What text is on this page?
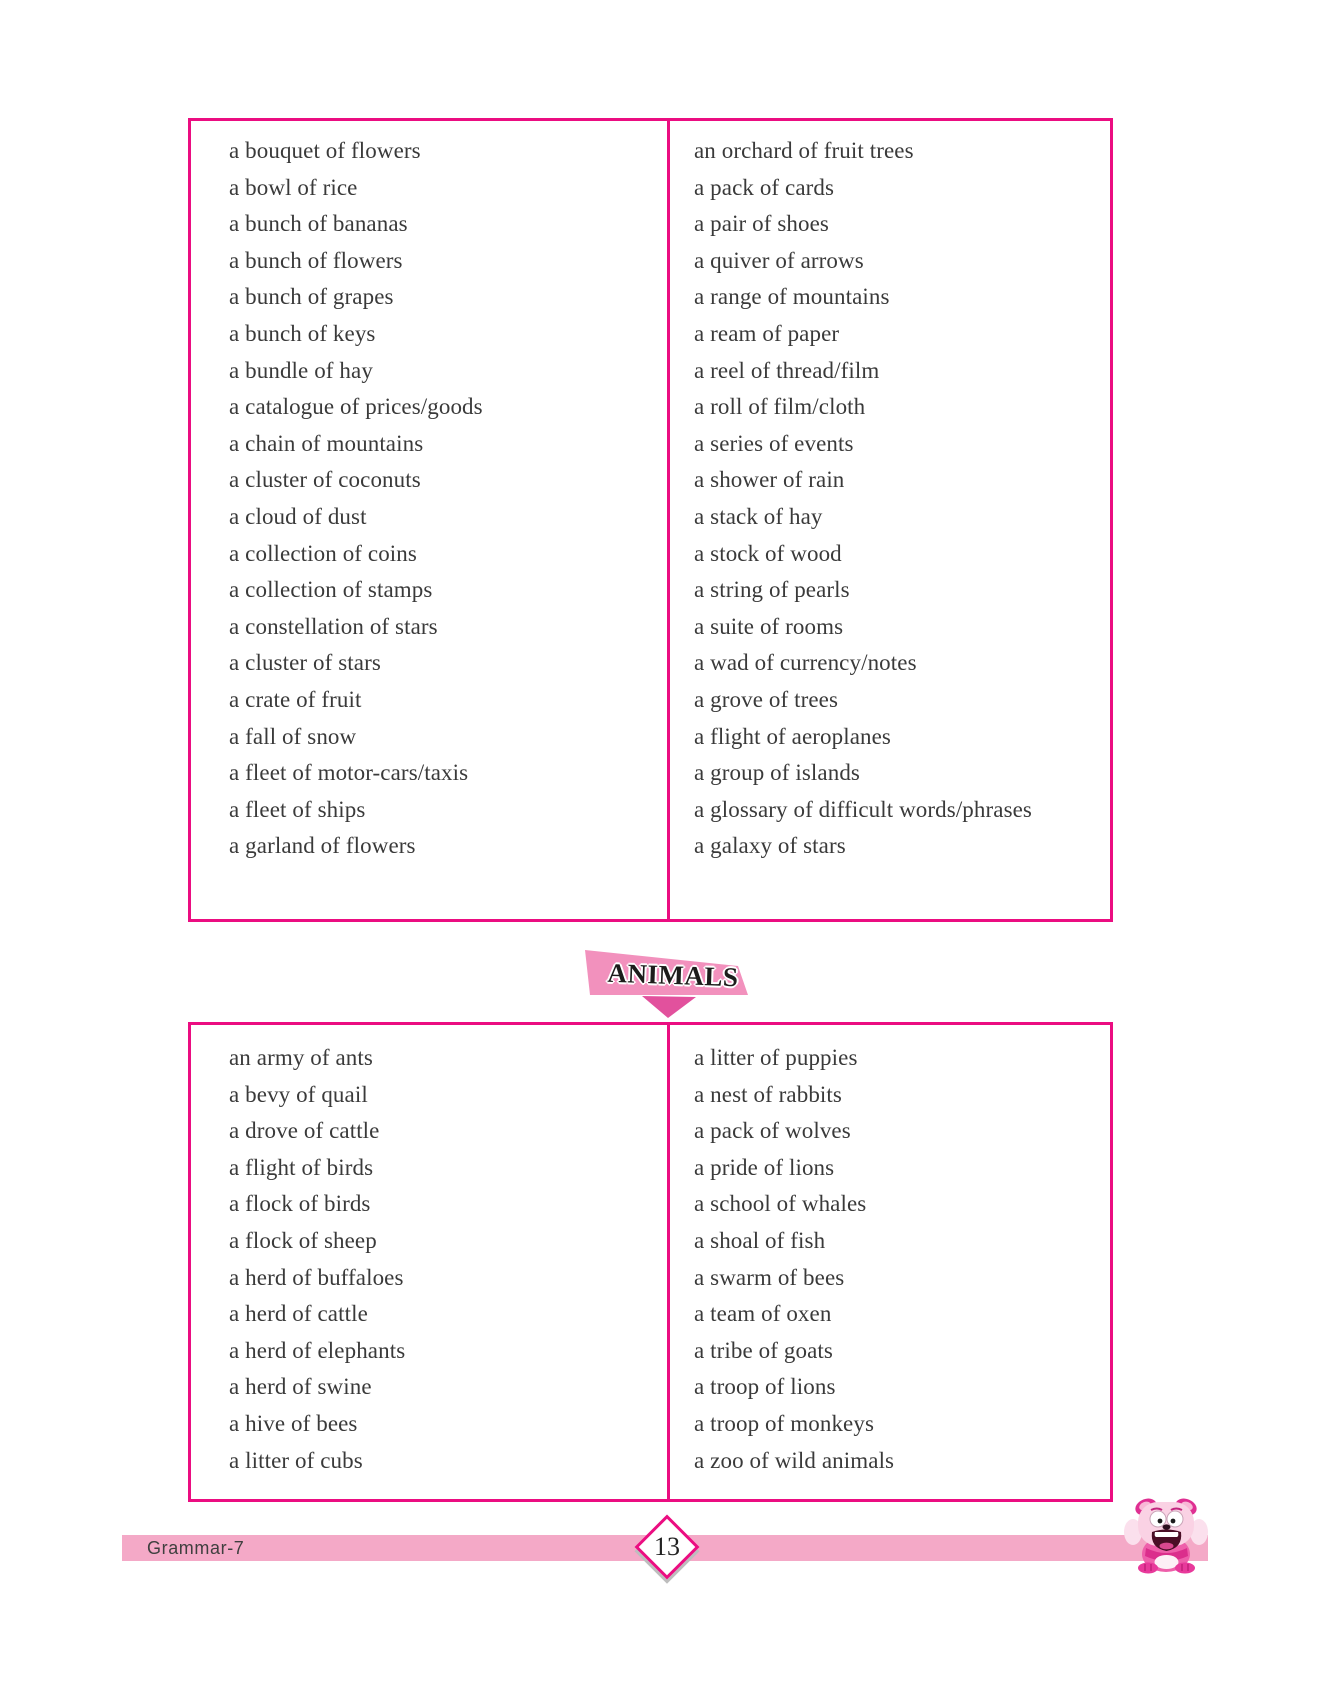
a bouquet of flowers
a bowl of rice
a bunch of bananas
a bunch of flowers
a bunch of grapes
a bunch of keys
a bundle of hay
a catalogue of prices/goods
a chain of mountains
a cluster of coconuts
a cloud of dust
a collection of coins
a collection of stamps
a constellation of stars
a cluster of stars
a crate of fruit
a fall of snow
a fleet of motor-cars/taxis
a fleet of ships
a garland of flowers
an orchard of fruit trees
a pack of cards
a pair of shoes
a quiver of arrows
a range of mountains
a ream of paper
a reel of thread/film
a roll of film/cloth
a series of events
a shower of rain
a stack of hay
a stock of wood
a string of pearls
a suite of rooms
a wad of currency/notes
a grove of trees
a flight of aeroplanes
a group of islands
a glossary of difficult words/phrases
a galaxy of stars
ANIMALS
an army of ants
a bevy of quail
a drove of cattle
a flight of birds
a flock of birds
a flock of sheep
a herd of buffaloes
a herd of cattle
a herd of elephants
a herd of swine
a hive of bees
a litter of cubs
a litter of puppies
a nest of rabbits
a pack of wolves
a pride of lions
a school of whales
a shoal of fish
a swarm of bees
a team of oxen
a tribe of goats
a troop of lions
a troop of monkeys
a zoo of wild animals
Grammar-7	13
